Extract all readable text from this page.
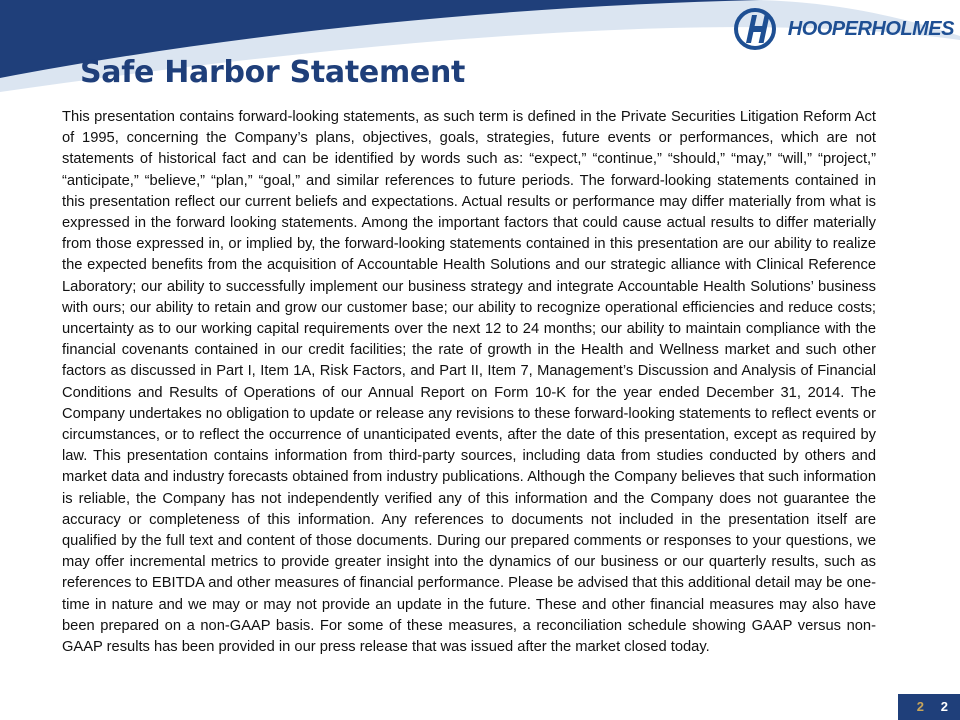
HOOPERHOLMES
Safe Harbor Statement

This presentation contains forward-looking statements, as such term is defined in the Private Securities Litigation Reform Act of 1995, concerning the Company’s plans, objectives, goals, strategies, future events or performances, which are not statements of historical fact and can be identified by words such as: “expect,” “continue,” “should,” “may,” “will,” “project,” “anticipate,” “believe,” “plan,” “goal,” and similar references to future periods. The forward-looking statements contained in this presentation reflect our current beliefs and expectations. Actual results or performance may differ materially from what is expressed in the forward looking statements. Among the important factors that could cause actual results to differ materially from those expressed in, or implied by, the forward-looking statements contained in this presentation are our ability to realize the expected benefits from the acquisition of Accountable Health Solutions and our strategic alliance with Clinical Reference Laboratory; our ability to successfully implement our business strategy and integrate Accountable Health Solutions’ business with ours; our ability to retain and grow our customer base; our ability to recognize operational efficiencies and reduce costs; uncertainty as to our working capital requirements over the next 12 to 24 months; our ability to maintain compliance with the financial covenants contained in our credit facilities; the rate of growth in the Health and Wellness market and such other factors as discussed in Part I, Item 1A, Risk Factors, and Part II, Item 7, Management’s Discussion and Analysis of Financial Conditions and Results of Operations of our Annual Report on Form 10-K for the year ended December 31, 2014. The Company undertakes no obligation to update or release any revisions to these forward-looking statements to reflect events or circumstances, or to reflect the occurrence of unanticipated events, after the date of this presentation, except as required by law. This presentation contains information from third-party sources, including data from studies conducted by others and market data and industry forecasts obtained from industry publications. Although the Company believes that such information is reliable, the Company has not independently verified any of this information and the Company does not guarantee the accuracy or completeness of this information. Any references to documents not included in the presentation itself are qualified by the full text and content of those documents. During our prepared comments or responses to your questions, we may offer incremental metrics to provide greater insight into the dynamics of our business or our quarterly results, such as references to EBITDA and other measures of financial performance. Please be advised that this additional detail may be one-time in nature and we may or may not provide an update in the future. These and other financial measures may also have been prepared on a non-GAAP basis. For some of these measures, a reconciliation schedule showing GAAP versus non-GAAP results has been provided in our press release that was issued after the market closed today.

2 2
